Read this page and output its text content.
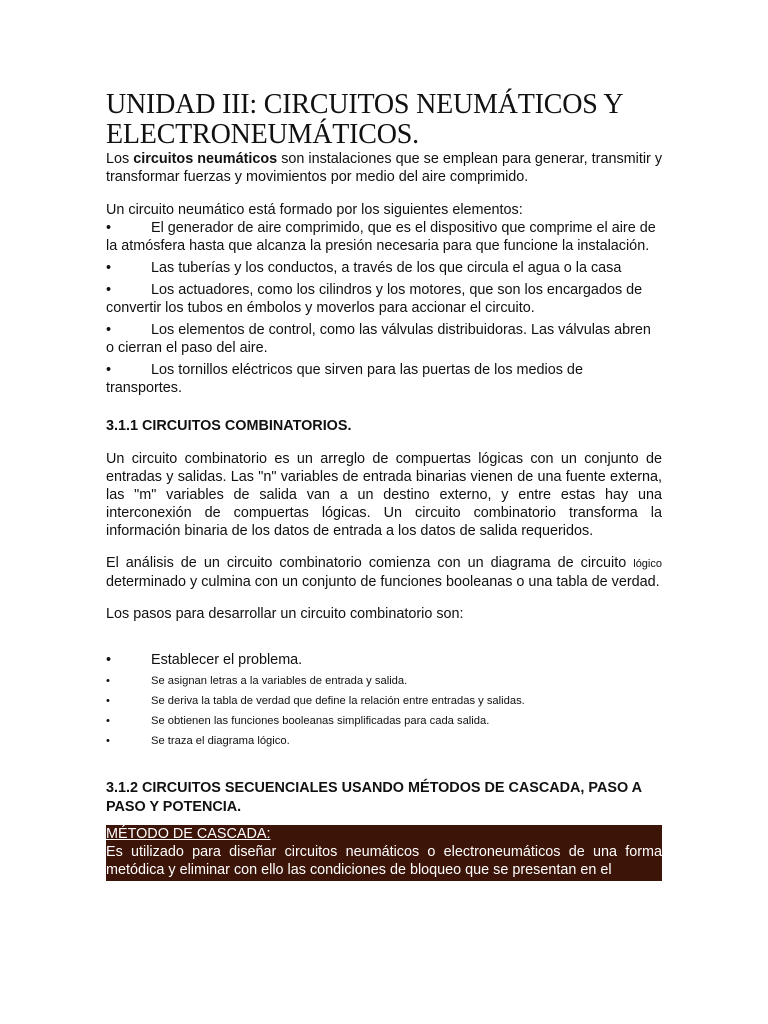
UNIDAD III: CIRCUITOS NEUMÁTICOS Y ELECTRONEUMÁTICOS.

Los circuitos neumáticos son instalaciones que se emplean para generar, transmitir y transformar fuerzas y movimientos por medio del aire comprimido.

Un circuito neumático está formado por los siguientes elementos:

•	El generador de aire comprimido, que es el dispositivo que comprime el aire de la atmósfera hasta que alcanza la presión necesaria para que funcione la instalación.
•	Las tuberías y los conductos, a través de los que circula el agua o la casa
•	Los actuadores, como los cilindros y los motores, que son los encargados de convertir los tubos en émbolos y moverlos para accionar el circuito.
•	Los elementos de control, como las válvulas distribuidoras. Las válvulas abren o cierran el paso del aire.
•	Los tornillos eléctricos que sirven para las puertas de los medios de transportes.
3.1.1 CIRCUITOS COMBINATORIOS.

Un circuito combinatorio es un arreglo de compuertas lógicas con un conjunto de entradas y salidas. Las "n" variables de entrada binarias vienen de una fuente externa, las "m" variables de salida van a un destino externo, y entre estas hay una interconexión de compuertas lógicas. Un circuito combinatorio transforma la información binaria de los datos de entrada a los datos de salida requeridos.

El análisis de un circuito combinatorio comienza con un diagrama de circuito lógico determinado y culmina con un conjunto de funciones booleanas o una tabla de verdad.

Los pasos para desarrollar un circuito combinatorio son:

•	Establecer el problema.
•	Se asignan letras a la variables de entrada y salida.
•	Se deriva la tabla de verdad que define la relación entre entradas y salidas.
•	Se obtienen las funciones booleanas simplificadas para cada salida.
•	Se traza el diagrama lógico.
3.1.2 CIRCUITOS SECUENCIALES USANDO MÉTODOS DE CASCADA, PASO A PASO Y POTENCIA.
MÉTODO DE CASCADA:
Es utilizado para diseñar circuitos neumáticos o electroneumáticos de una forma metódica y eliminar con ello las condiciones de bloqueo que se presentan en el
